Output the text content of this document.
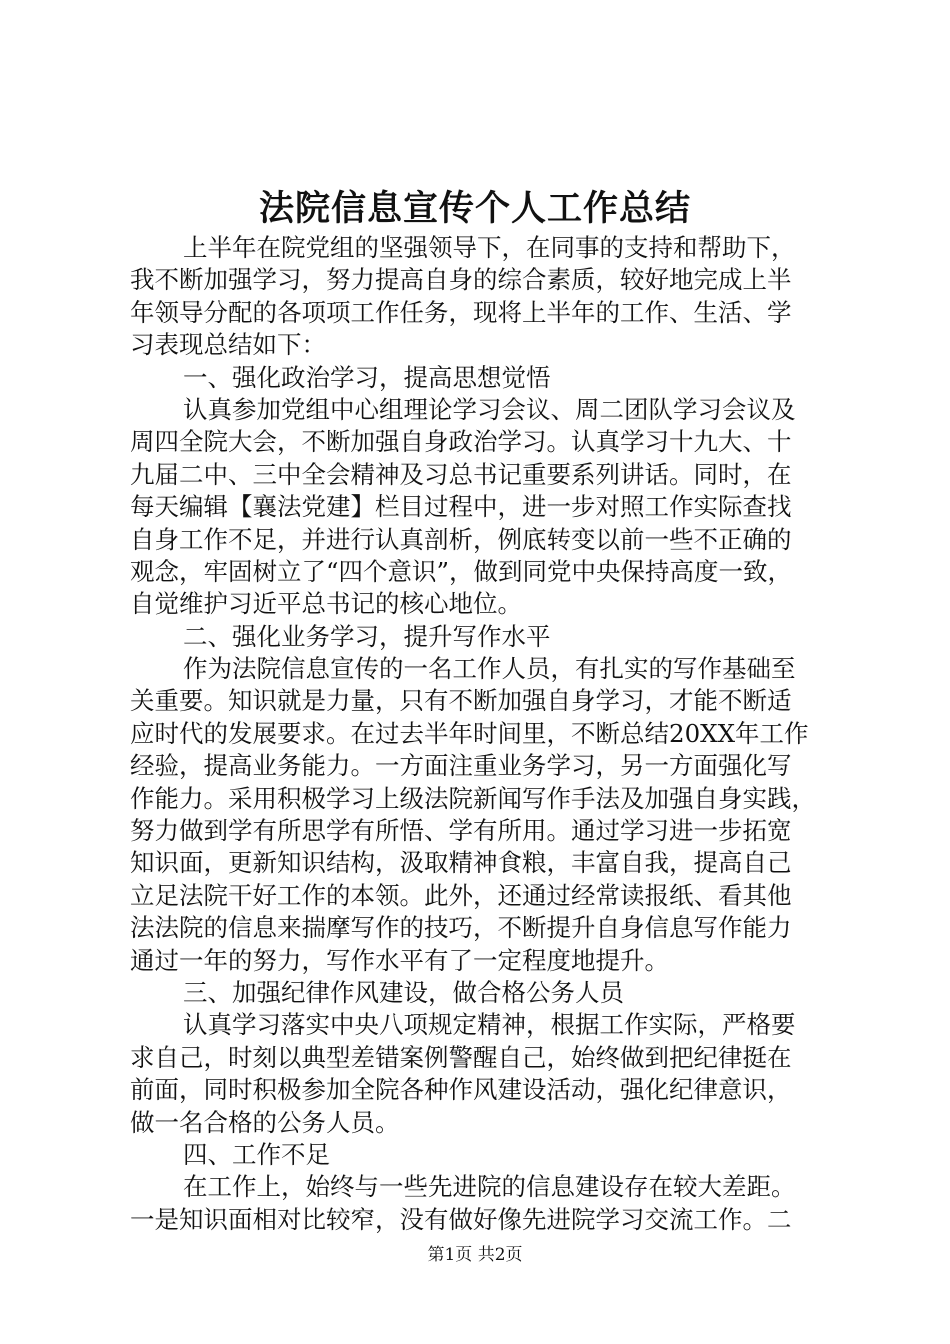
法院信息宣传个人工作总结
上半年在院党组的坚强领导下，在同事的支持和帮助下，
我不断加强学习，努力提高自身的综合素质，较好地完成上半
年领导分配的各项项工作任务，现将上半年的工作、生活、学
习表现总结如下：
一、强化政治学习，提高思想觉悟
认真参加党组中心组理论学习会议、周二团队学习会议及
周四全院大会，不断加强自身政治学习。认真学习十九大、十
九届二中、三中全会精神及习总书记重要系列讲话。同时，在
每天编辑【襄法党建】栏目过程中，进一步对照工作实际查找
自身工作不足，并进行认真剖析，例底转变以前一些不正确的
观念，牢固树立了“四个意识”，做到同党中央保持高度一致，
自觉维护习近平总书记的核心地位。
二、强化业务学习，提升写作水平
作为法院信息宣传的一名工作人员，有扎实的写作基础至
关重要。知识就是力量，只有不断加强自身学习，才能不断适
应时代的发展要求。在过去半年时间里，不断总结20XX年工作
经验，提高业务能力。一方面注重业务学习，另一方面强化写
作能力。采用积极学习上级法院新闻写作手法及加强自身实践，
努力做到学有所思学有所悟、学有所用。通过学习进一步拓宽
知识面，更新知识结构，汲取精神食粮，丰富自我，提高自己
立足法院干好工作的本领。此外，还通过经常读报纸、看其他
法法院的信息来揣摩写作的技巧，不断提升自身信息写作能力
通过一年的努力，写作水平有了一定程度地提升。
三、加强纪律作风建设，做合格公务人员
认真学习落实中央八项规定精神，根据工作实际，严格要
求自己，时刻以典型差错案例警醒自己，始终做到把纪律挺在
前面，同时积极参加全院各种作风建设活动，强化纪律意识，
做一名合格的公务人员。
四、工作不足
在工作上，始终与一些先进院的信息建设存在较大差距。
一是知识面相对比较窄，没有做好像先进院学习交流工作。二
第1页 共2页
